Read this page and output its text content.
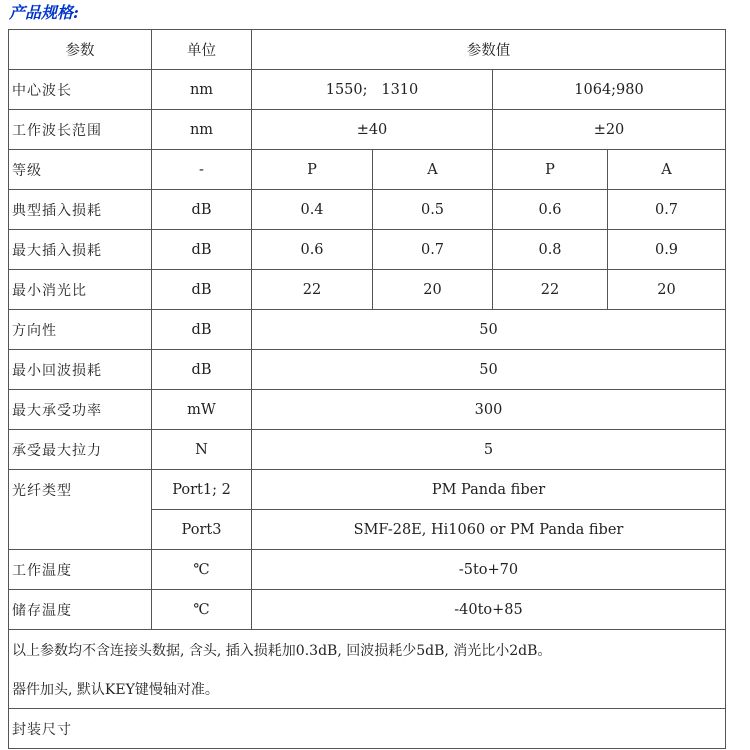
产品规格:
参数	单位	参数值			
中心波长	nm	1550;   1310		1064;980	
工作波长范围	nm	±40		±20	
等级	-	P	A	P	A
典型插入损耗	dB	0.4	0.5	0.6	0.7
最大插入损耗	dB	0.6	0.7	0.8	0.9
最小消光比	dB	22	20	22	20
方向性	dB	50			
最小回波损耗	dB	50			
最大承受功率	mW	300			
承受最大拉力	N	5			
光纤类型	Port1; 2	PM Panda fiber			
	Port3	SMF-28E, Hi1060 or PM Panda fiber			
工作温度	℃	-5to+70			
储存温度	℃	-40to+85			
以上参数均不含连接头数据, 含头, 插入损耗加0.3dB, 回波损耗少5dB, 消光比小2dB。					
器件加头, 默认KEY键慢轴对准。					
封装尺寸					
